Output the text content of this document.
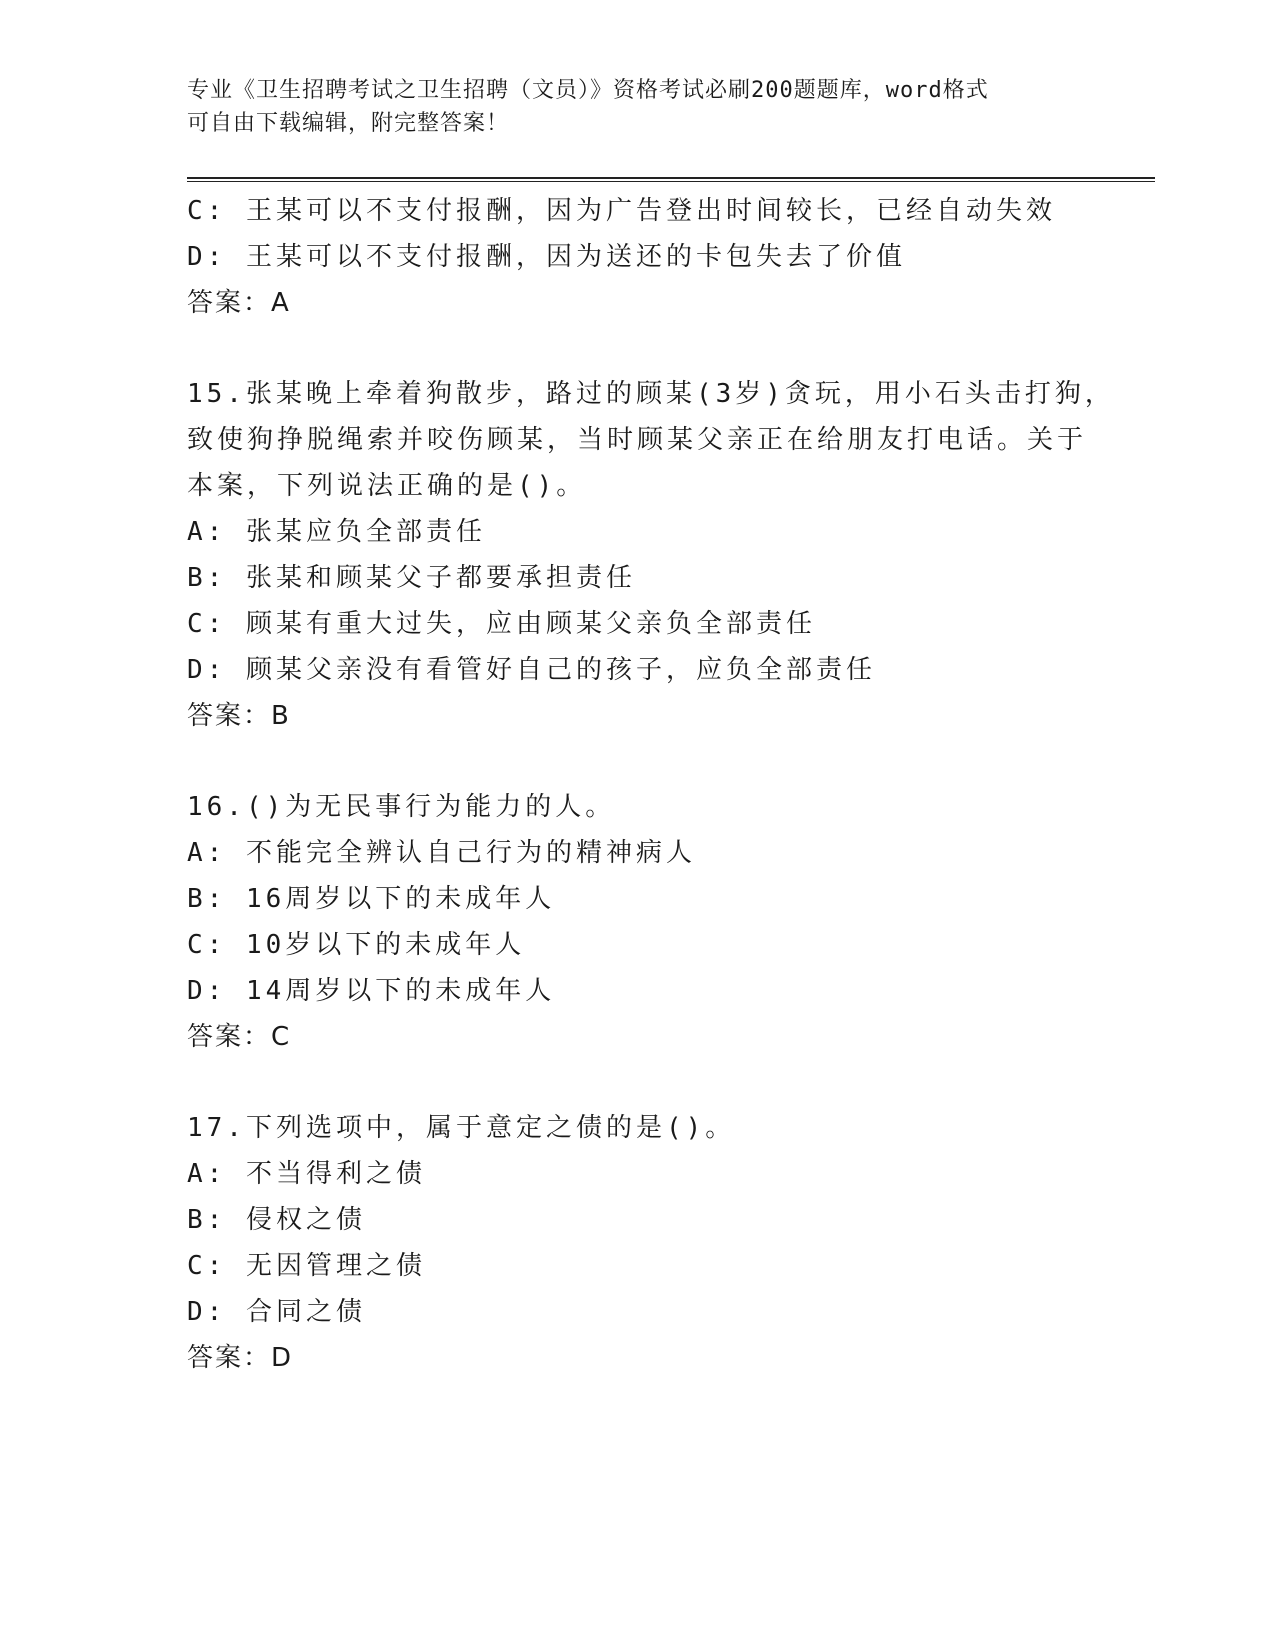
专业《卫生招聘考试之卫生招聘（文员）》资格考试必刷200题题库，word格式
可自由下载编辑，附完整答案！
C: 王某可以不支付报酬，因为广告登出时间较长，已经自动失效
D: 王某可以不支付报酬，因为送还的卡包失去了价值
答案：A
15.张某晚上牵着狗散步，路过的顾某(3岁)贪玩，用小石头击打狗，
致使狗挣脱绳索并咬伤顾某，当时顾某父亲正在给朋友打电话。关于
本案，下列说法正确的是()。
A: 张某应负全部责任
B: 张某和顾某父子都要承担责任
C: 顾某有重大过失，应由顾某父亲负全部责任
D: 顾某父亲没有看管好自己的孩子，应负全部责任
答案：B
16.()为无民事行为能力的人。
A: 不能完全辨认自己行为的精神病人
B: 16周岁以下的未成年人
C: 10岁以下的未成年人
D: 14周岁以下的未成年人
答案：C
17.下列选项中，属于意定之债的是()。
A: 不当得利之债
B: 侵权之债
C: 无因管理之债
D: 合同之债
答案：D
